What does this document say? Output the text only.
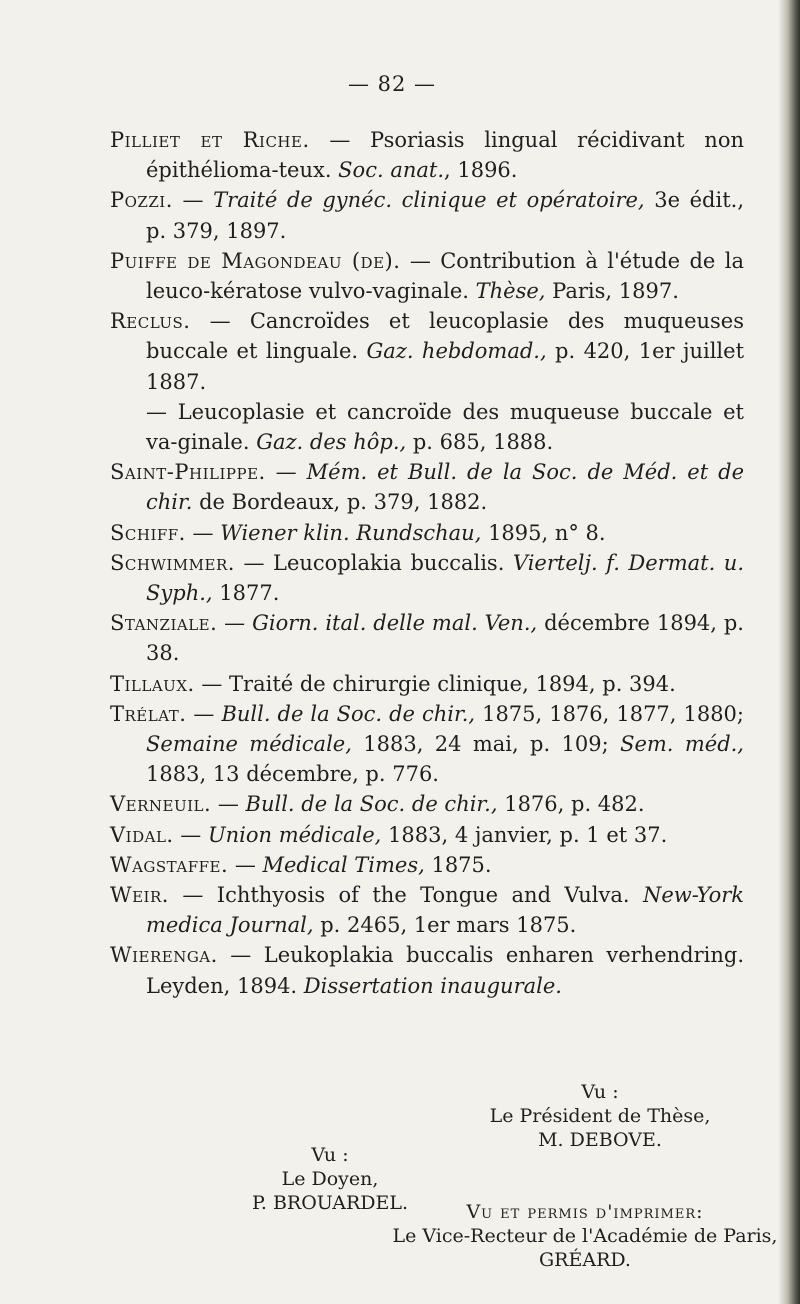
— 82 —

Pilliet et Riche. — Psoriasis lingual récidivant non épithélioma-teux. Soc. anat., 1896.

Pozzi. — Traité de gynéc. clinique et opératoire, 3e édit., p. 379, 1897.

Puiffe de Magondeau (de). — Contribution à l'étude de la leuco-kératose vulvo-vaginale. Thèse, Paris, 1897.

Reclus. — Cancroïdes et leucoplasie des muqueuses buccale et linguale. Gaz. hebdomad., p. 420, 1er juillet 1887.

— Leucoplasie et cancroïde des muqueuse buccale et va-ginale. Gaz. des hôp., p. 685, 1888.

Saint-Philippe. — Mém. et Bull. de la Soc. de Méd. et de chir. de Bordeaux, p. 379, 1882.

Schiff. — Wiener klin. Rundschau, 1895, n° 8.

Schwimmer. — Leucoplakia buccalis. Viertelj. f. Dermat. u. Syph., 1877.

Stanziale. — Giorn. ital. delle mal. Ven., décembre 1894, p. 38.

Tillaux. — Traité de chirurgie clinique, 1894, p. 394.

Trélat. — Bull. de la Soc. de chir., 1875, 1876, 1877, 1880; Semaine médicale, 1883, 24 mai, p. 109; Sem. méd., 1883, 13 décembre, p. 776.

Verneuil. — Bull. de la Soc. de chir., 1876, p. 482.

Vidal. — Union médicale, 1883, 4 janvier, p. 1 et 37.

Wagstaffe. — Medical Times, 1875.

Weir. — Ichthyosis of the Tongue and Vulva. New-York medica Journal, p. 2465, 1er mars 1875.

Wierenga. — Leukoplakia buccalis enharen verhendring. Leyden, 1894. Dissertation inaugurale.

Vu :
Le Président de Thèse,
M. DEBOVE.
Vu :
Le Doyen,
P. BROUARDEL.	Vu et permis d'imprimer:
Le Vice-Recteur de l'Académie de Paris,
GRÉARD.
